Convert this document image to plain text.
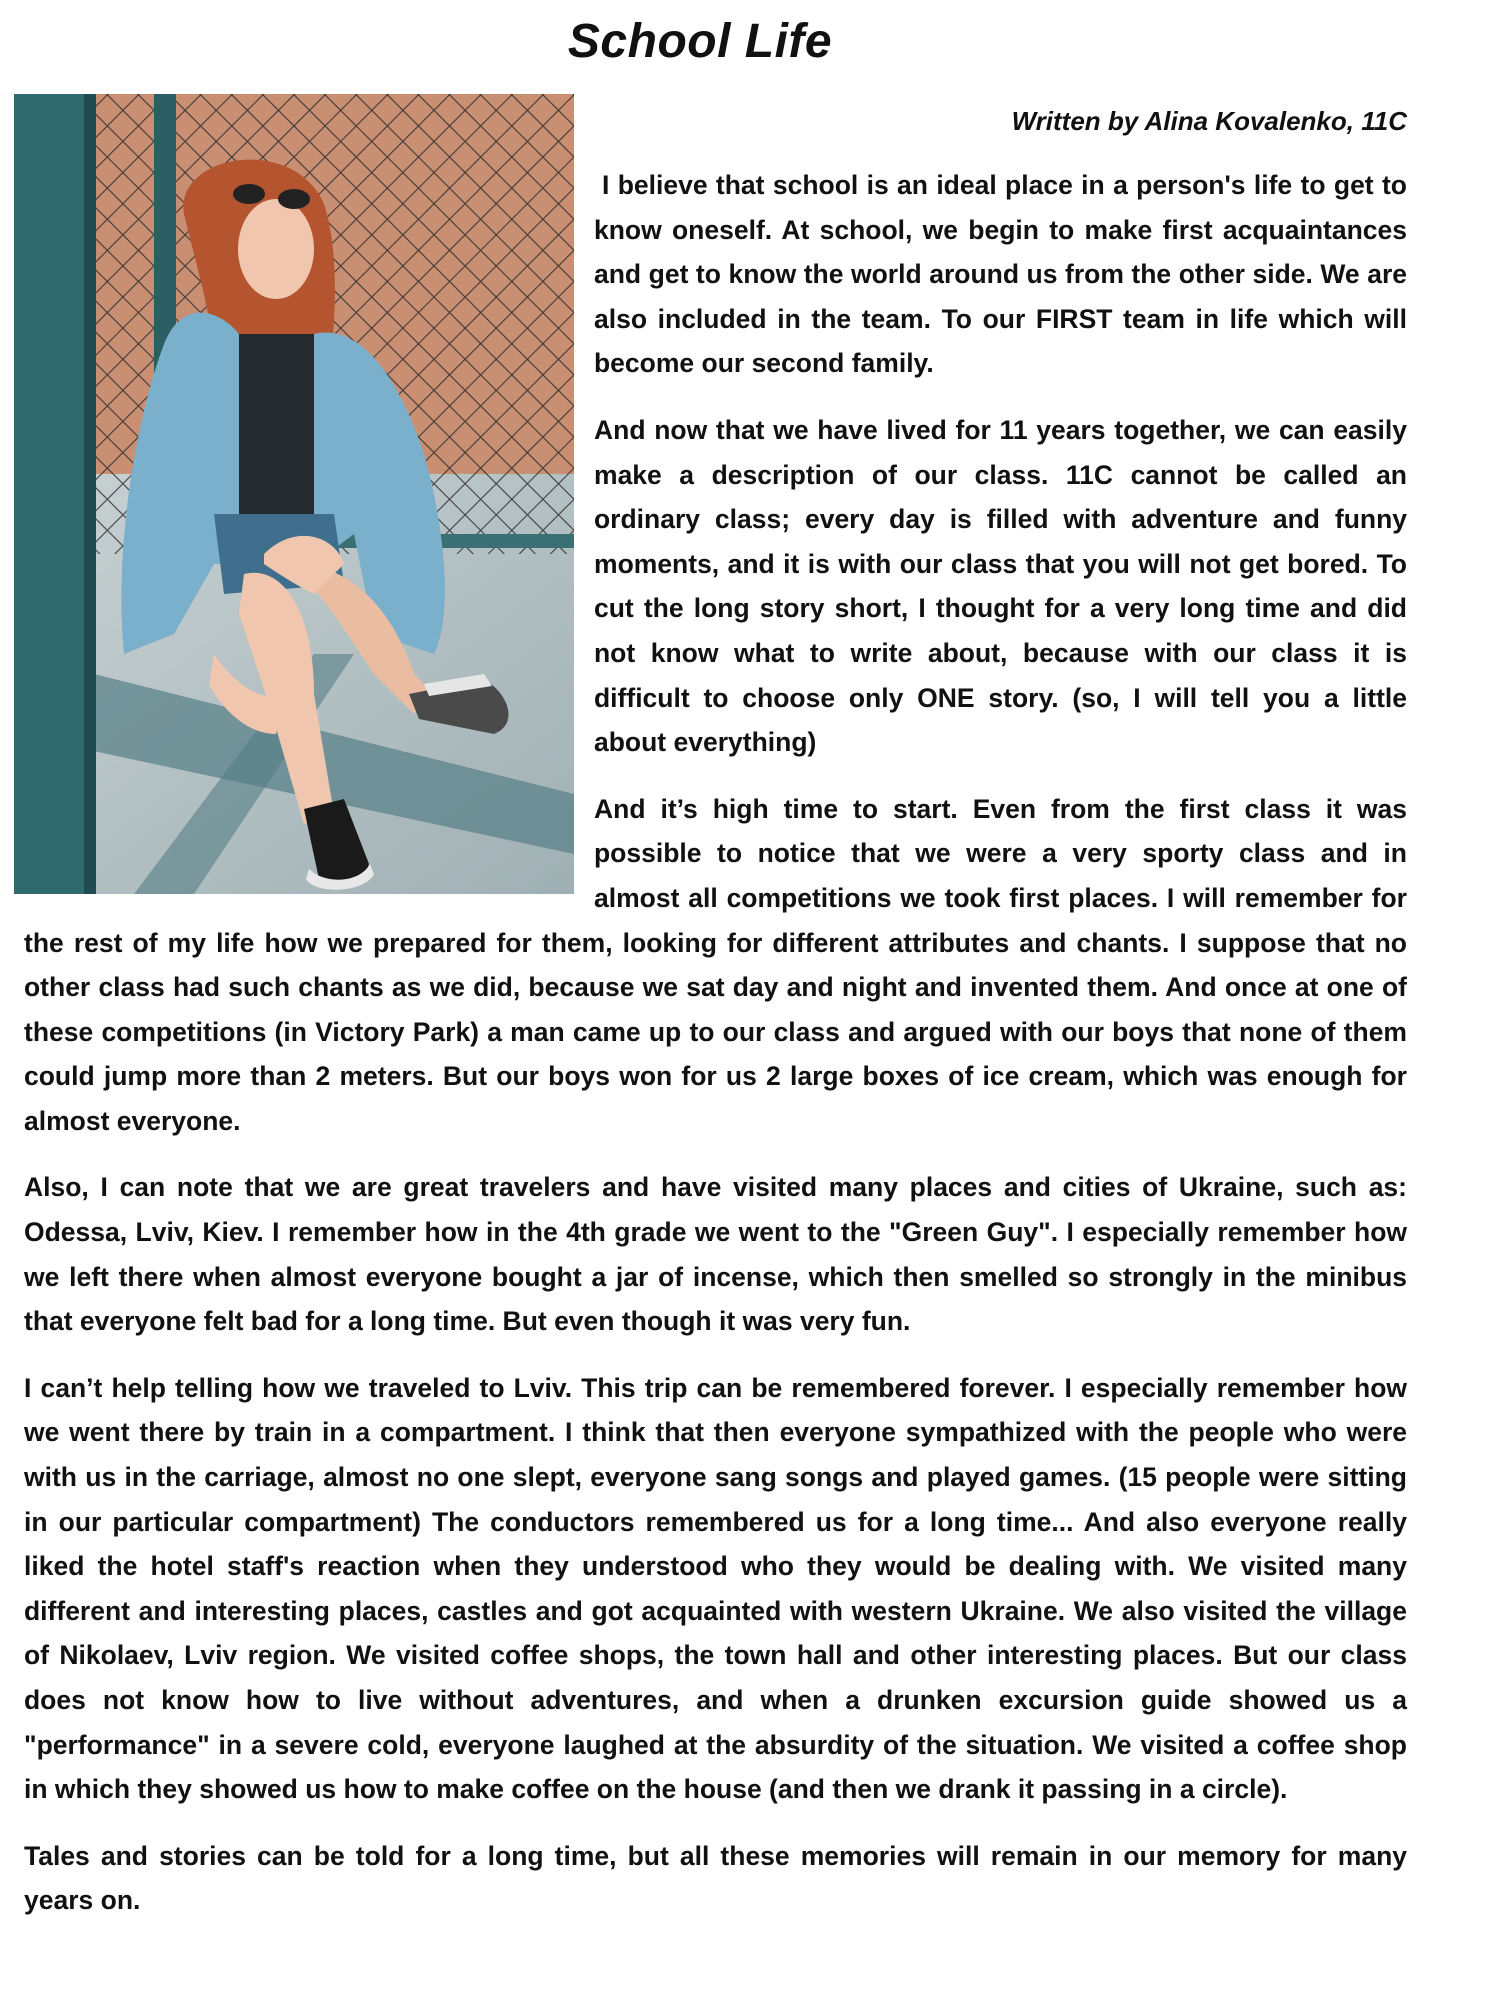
School Life
Written by Alina Kovalenko, 11C

I believe that school is an ideal place in a person's life to get to know oneself. At school, we begin to make first acquaintances and get to know the world around us from the other side. We are also included in the team. To our FIRST team in life which will become our second family.

And now that we have lived for 11 years together, we can easily make a description of our class. 11C cannot be called an ordinary class; every day is filled with adventure and funny moments, and it is with our class that you will not get bored. To cut the long story short, I thought for a very long time and did not know what to write about, because with our class it is difficult to choose only ONE story. (so, I will tell you a little about everything)

And it’s high time to start. Even from the first class it was possible to notice that we were a very sporty class and in almost all competitions we took first places. I will remember for the rest of my life how we prepared for them, looking for different attributes and chants. I suppose that no other class had such chants as we did, because we sat day and night and invented them. And once at one of these competitions (in Victory Park) a man came up to our class and argued with our boys that none of them could jump more than 2 meters. But our boys won for us 2 large boxes of ice cream, which was enough for almost everyone.

Also, I can note that we are great travelers and have visited many places and cities of Ukraine, such as: Odessa, Lviv, Kiev. I remember how in the 4th grade we went to the "Green Guy". I especially remember how we left there when almost everyone bought a jar of incense, which then smelled so strongly in the minibus that everyone felt bad for a long time. But even though it was very fun.

I can’t help telling how we traveled to Lviv. This trip can be remembered forever. I especially remember how we went there by train in a compartment. I think that then everyone sympathized with the people who were with us in the carriage, almost no one slept, everyone sang songs and played games. (15 people were sitting in our particular compartment) The conductors remembered us for a long time... And also everyone really liked the hotel staff's reaction when they understood who they would be dealing with. We visited many different and interesting places, castles and got acquainted with western Ukraine. We also visited the village of Nikolaev, Lviv region. We visited coffee shops, the town hall and other interesting places. But our class does not know how to live without adventures, and when a drunken excursion guide showed us a "performance" in a severe cold, everyone laughed at the absurdity of the situation. We visited a coffee shop in which they showed us how to make coffee on the house (and then we drank it passing in a circle).

Tales and stories can be told for a long time, but all these memories will remain in our memory for many years on.
